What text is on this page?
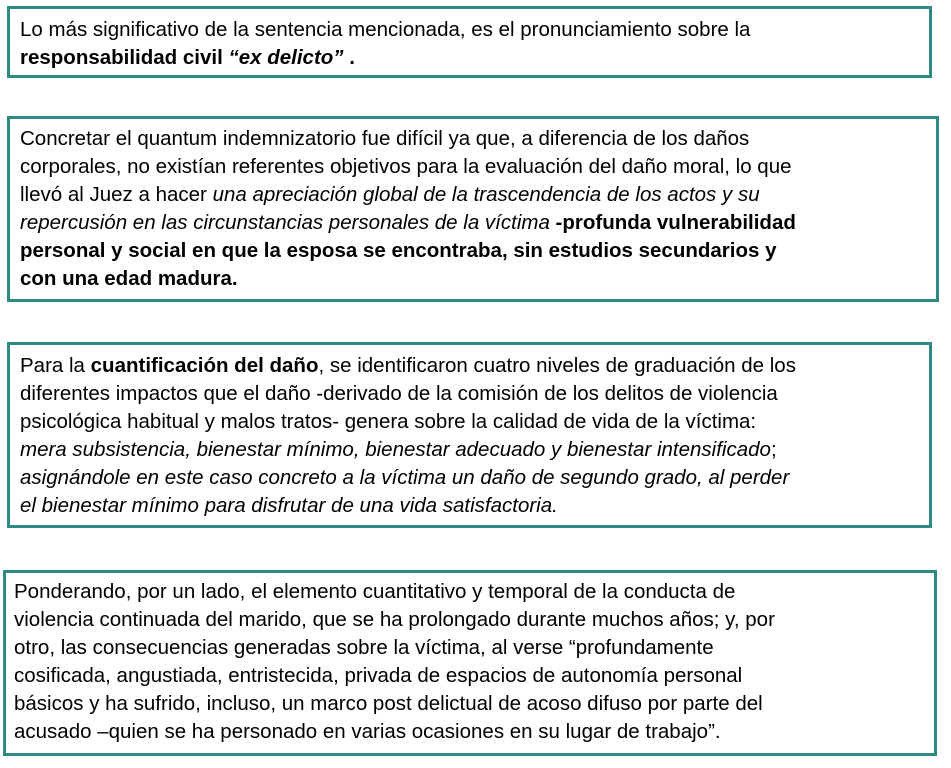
Lo más significativo de la sentencia mencionada, es el pronunciamiento sobre la

responsabilidad civil “ex delicto” .

Concretar el quantum indemnizatorio fue difícil ya que, a diferencia de los daños

corporales, no existían referentes objetivos para la evaluación del daño moral, lo que

llevó al Juez a hacer una apreciación global de la trascendencia de los actos y su

repercusión en las circunstancias personales de la víctima -profunda vulnerabilidad

personal y social en que la esposa se encontraba, sin estudios secundarios y

con una edad madura.

Para la cuantificación del daño, se identificaron cuatro niveles de graduación de los

diferentes impactos que el daño -derivado de la comisión de los delitos de violencia

psicológica habitual y malos tratos- genera sobre la calidad de vida de la víctima:

mera subsistencia, bienestar mínimo, bienestar adecuado y bienestar intensificado;

asignándole en este caso concreto a la víctima un daño de segundo grado, al perder

el bienestar mínimo para disfrutar de una vida satisfactoria.

Ponderando, por un lado, el elemento cuantitativo y temporal de la conducta de

violencia continuada del marido, que se ha prolongado durante muchos años; y, por

otro, las consecuencias generadas sobre la víctima, al verse “profundamente

cosificada, angustiada, entristecida, privada de espacios de autonomía personal

básicos y ha sufrido, incluso, un marco post delictual de acoso difuso por parte del

acusado –quien se ha personado en varias ocasiones en su lugar de trabajo”.
